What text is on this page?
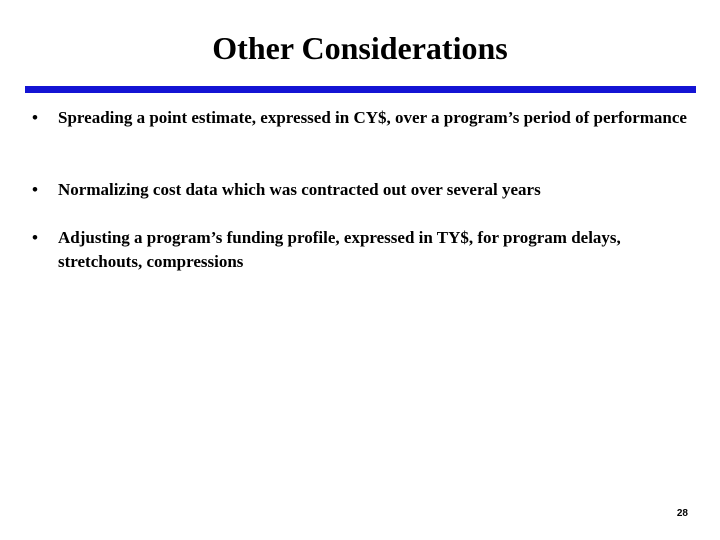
Other Considerations
•	Spreading a point estimate, expressed in CY$, over a program’s period of performance
•	Normalizing cost data which was contracted out over several years
•	Adjusting a program’s funding profile, expressed in TY$, for program delays, stretchouts, compressions
28
